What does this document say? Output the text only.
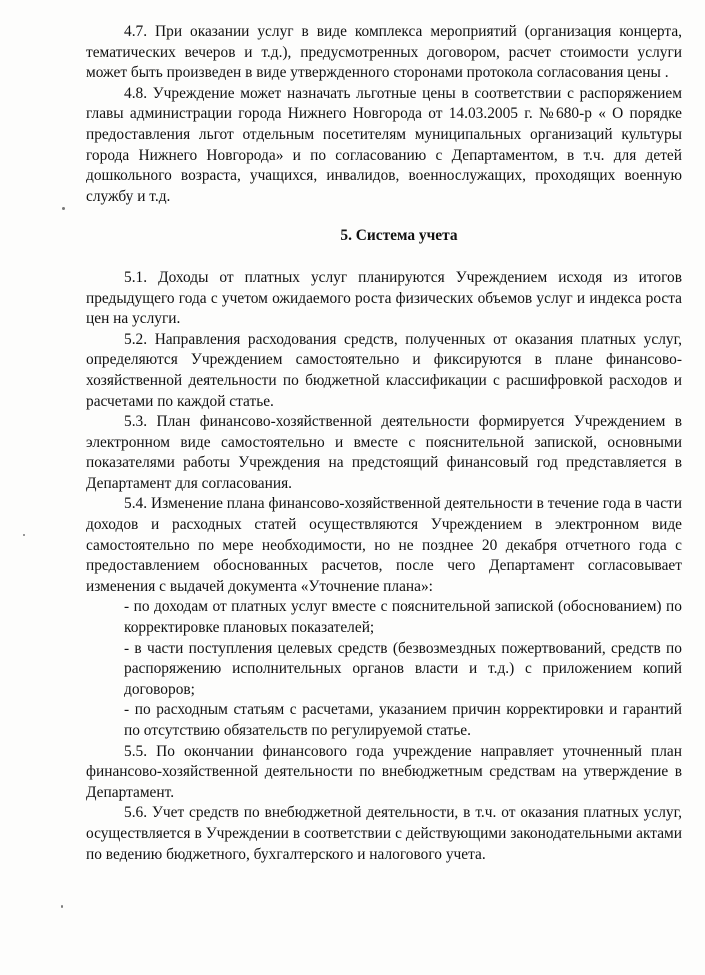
4.7. При оказании услуг в виде комплекса мероприятий (организация концерта, тематических вечеров и т.д.), предусмотренных договором, расчет стоимости услуги может быть произведен в виде утвержденного сторонами протокола согласования цены .

4.8. Учреждение может назначать льготные цены в соответствии с распоряжением главы администрации города Нижнего Новгорода от 14.03.2005 г. №680-р « О порядке предоставления льгот отдельным посетителям муниципальных организаций культуры города Нижнего Новгорода» и по согласованию с Департаментом, в т.ч. для детей дошкольного возраста, учащихся, инвалидов, военнослужащих, проходящих военную службу и т.д.

5. Система учета

5.1. Доходы от платных услуг планируются Учреждением исходя из итогов предыдущего года с учетом ожидаемого роста физических объемов услуг и индекса роста цен на услуги.

5.2. Направления расходования средств, полученных от оказания платных услуг, определяются Учреждением самостоятельно и фиксируются в плане финансово-хозяйственной деятельности по бюджетной классификации с расшифровкой расходов и расчетами по каждой статье.

5.3. План финансово-хозяйственной деятельности формируется Учреждением в электронном виде самостоятельно и вместе с пояснительной запиской, основными показателями работы Учреждения на предстоящий финансовый год представляется в Департамент для согласования.

5.4. Изменение плана финансово-хозяйственной деятельности в течение года в части доходов и расходных статей осуществляются Учреждением в электронном виде самостоятельно по мере необходимости, но не позднее 20 декабря отчетного года с предоставлением обоснованных расчетов, после чего Департамент согласовывает изменения с выдачей документа «Уточнение плана»:

- по доходам от платных услуг вместе с пояснительной запиской (обоснованием) по корректировке плановых показателей;

- в части поступления целевых средств (безвозмездных пожертвований, средств по распоряжению исполнительных органов власти и т.д.) с приложением копий договоров;

- по расходным статьям с расчетами, указанием причин корректировки и гарантий по отсутствию обязательств по регулируемой статье.

5.5. По окончании финансового года учреждение направляет уточненный план финансово-хозяйственной деятельности по внебюджетным средствам на утверждение в Департамент.

5.6. Учет средств по внебюджетной деятельности, в т.ч. от оказания платных услуг, осуществляется в Учреждении в соответствии с действующими законодательными актами по ведению бюджетного, бухгалтерского и налогового учета.
